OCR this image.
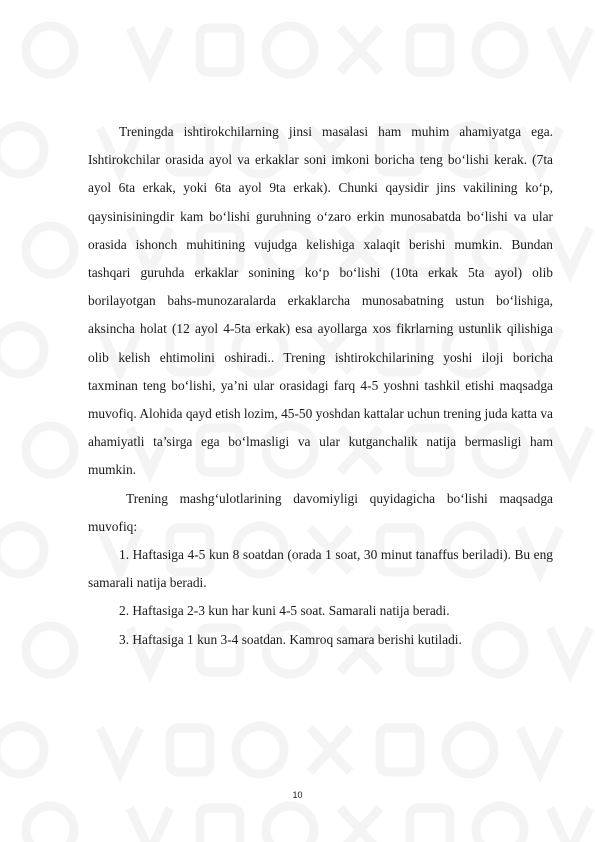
Treningda ishtirokchilarning jinsi masalasi ham muhim ahamiyatga ega. Ishtirokchilar orasida ayol va erkaklar soni imkoni boricha teng bo‘lishi kerak. (7ta ayol 6ta erkak, yoki 6ta ayol 9ta erkak). Chunki qaysidir jins vakilining ko‘p, qaysinisiningdir kam bo‘lishi guruhning o‘zaro erkin munosabatda bo‘lishi va ular orasida ishonch muhitining vujudga kelishiga xalaqit berishi mumkin. Bundan tashqari guruhda erkaklar sonining ko‘p bo‘lishi (10ta erkak 5ta ayol) olib borilayotgan bahs-munozaralarda erkaklarcha munosabatning ustun bo‘lishiga, aksincha holat (12 ayol 4-5ta erkak) esa ayollarga xos fikrlarning ustunlik qilishiga olib kelish ehtimolini oshiradi.. Trening ishtirokchilarining yoshi iloji boricha taxminan teng bo‘lishi, ya’ni ular orasidagi farq 4-5 yoshni tashkil etishi maqsadga muvofiq. Alohida qayd etish lozim, 45-50 yoshdan kattalar uchun trening juda katta va ahamiyatli ta’sirga ega bo‘lmasligi va ular kutganchalik natija bermasligi ham mumkin.

Trening mashg‘ulotlarining davomiyligi quyidagicha bo‘lishi maqsadga muvofiq:

1. Haftasiga 4-5 kun 8 soatdan (orada 1 soat, 30 minut tanaffus beriladi). Bu eng samarali natija beradi.

2. Haftasiga 2-3 kun har kuni 4-5 soat. Samarali natija beradi.

3. Haftasiga 1 kun 3-4 soatdan. Kamroq samara berishi kutiladi.

10
